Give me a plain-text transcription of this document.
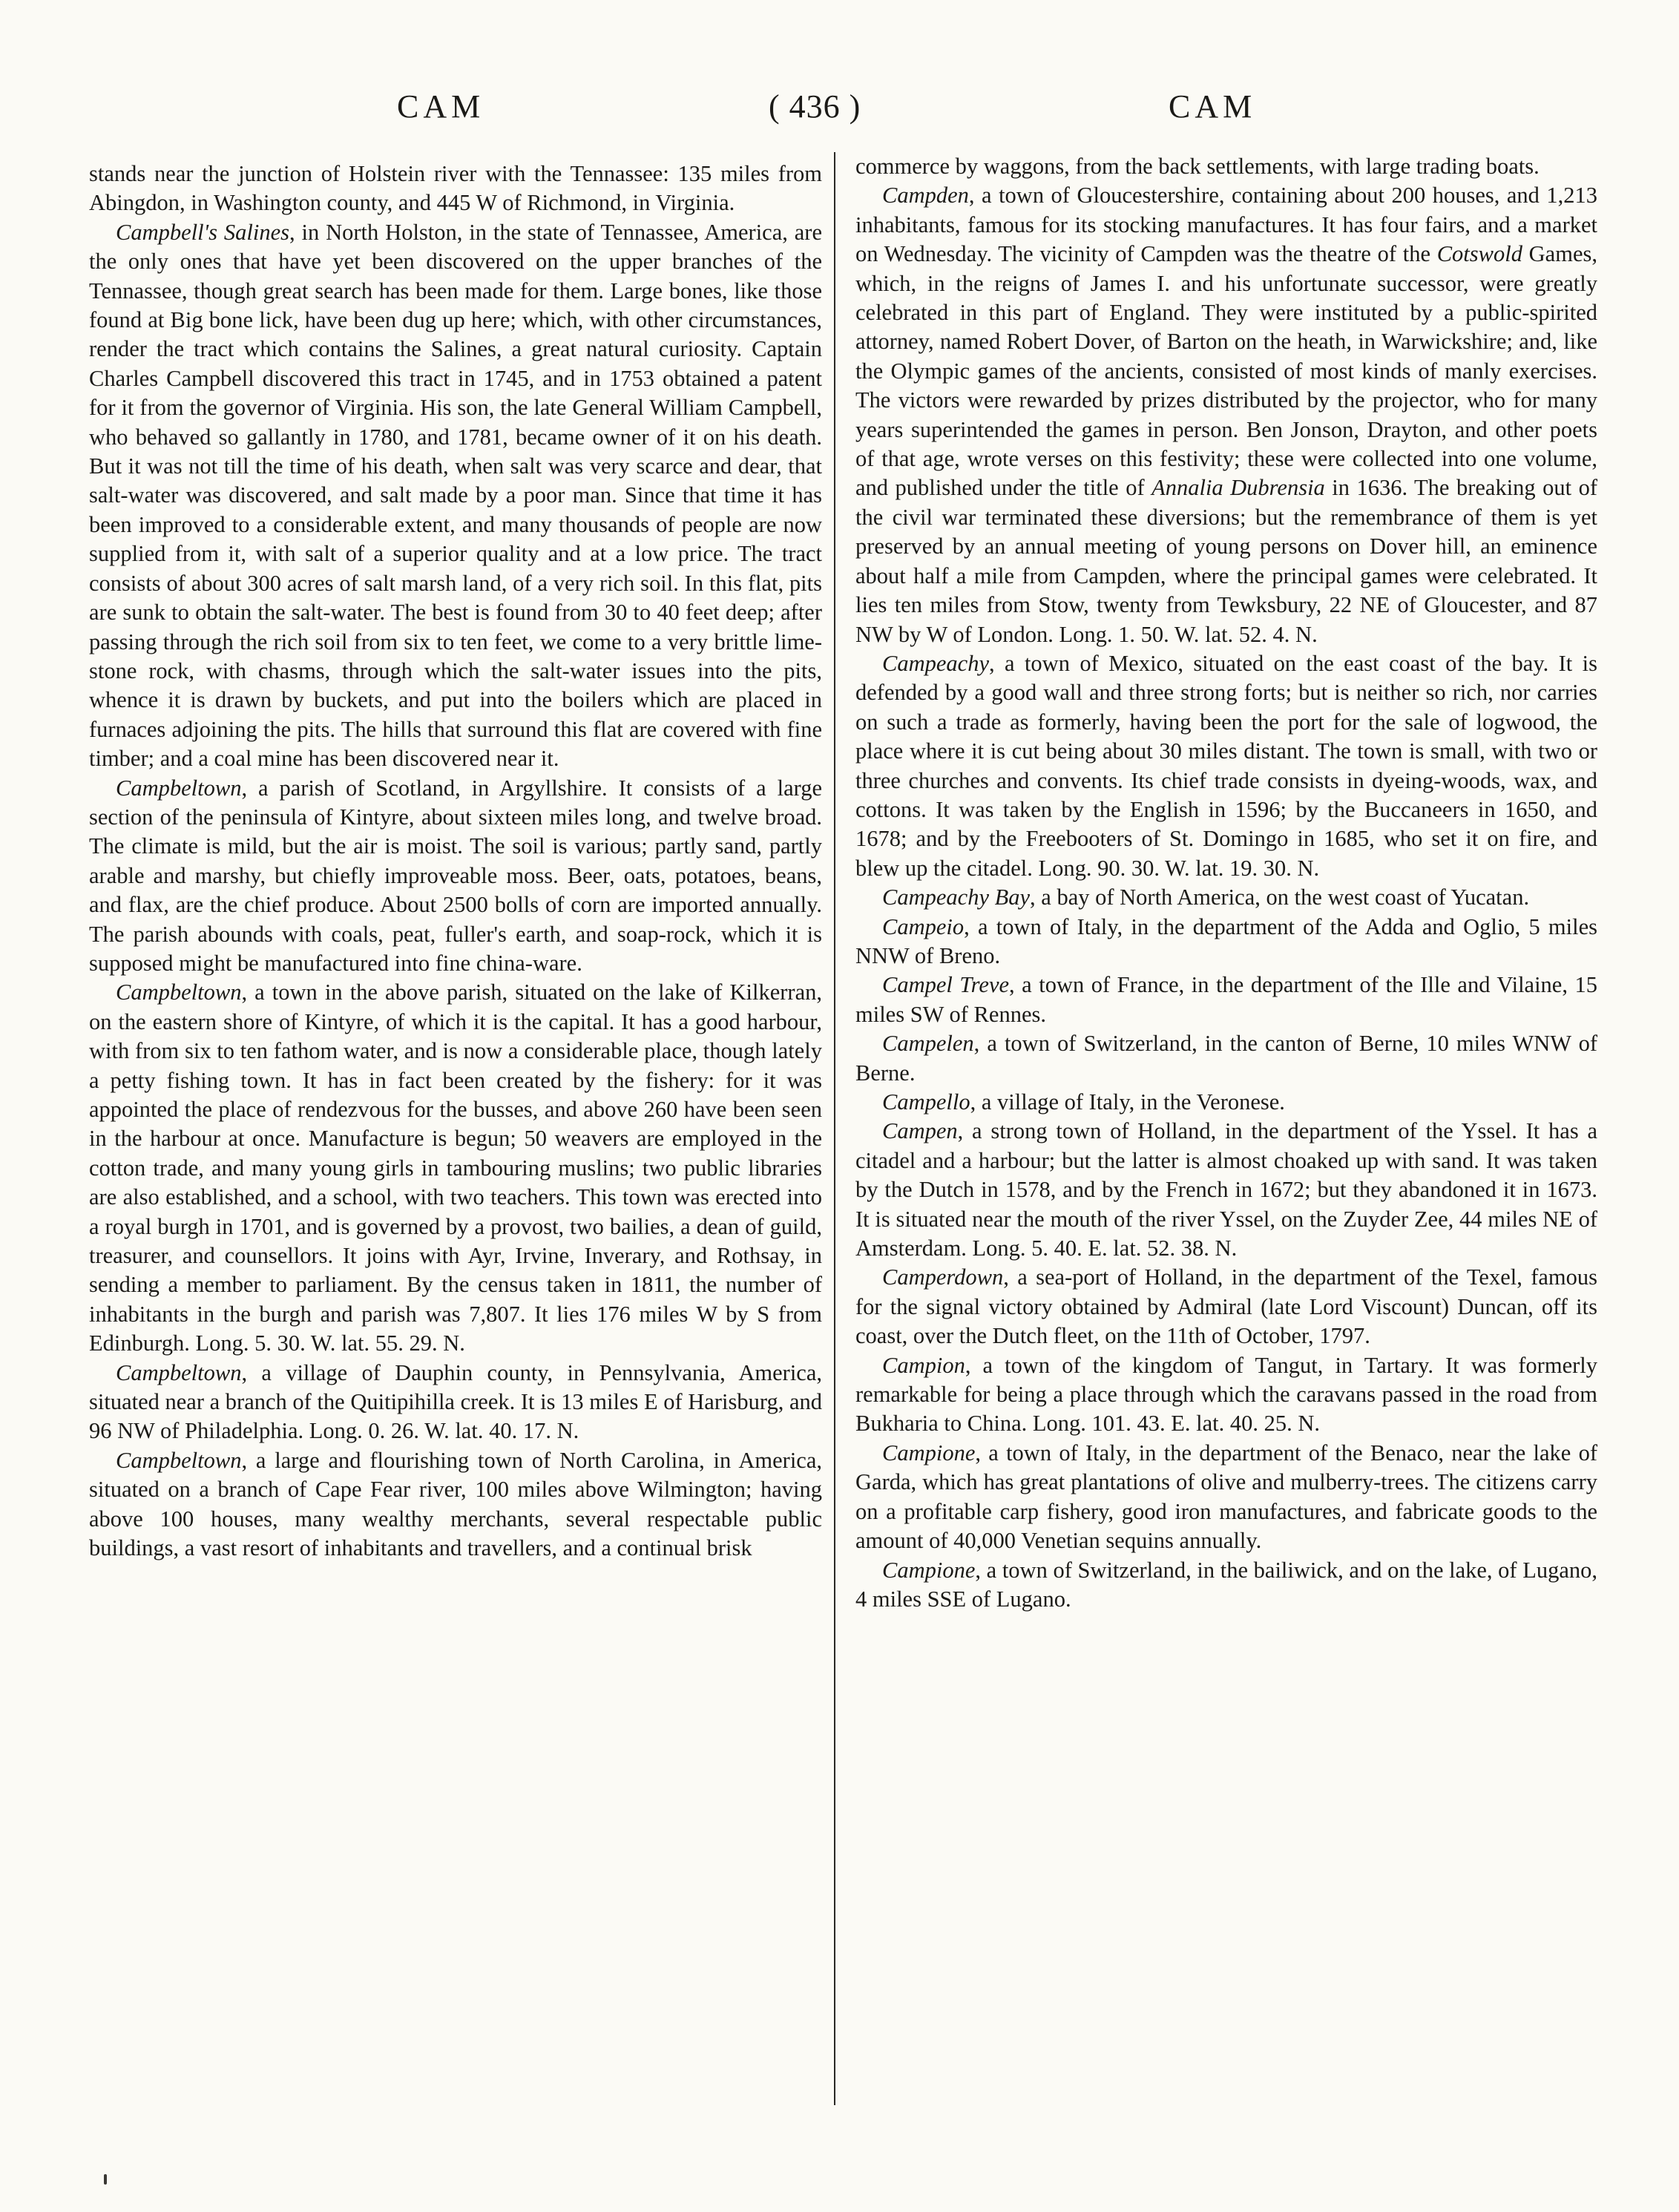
CAM	( 436 )	CAM

stands near the junction of Holstein river with the Tennassee: 135 miles from Abingdon, in Washington county, and 445 W of Richmond, in Virginia.

Campbell's Salines, in North Holston, in the state of Tennassee, America, are the only ones that have yet been discovered on the upper branches of the Tennassee, though great search has been made for them. Large bones, like those found at Big bone lick, have been dug up here; which, with other circumstances, render the tract which contains the Salines, a great natural curiosity. Captain Charles Campbell discovered this tract in 1745, and in 1753 obtained a patent for it from the governor of Virginia. His son, the late General William Campbell, who behaved so gallantly in 1780, and 1781, became owner of it on his death. But it was not till the time of his death, when salt was very scarce and dear, that salt-water was discovered, and salt made by a poor man. Since that time it has been improved to a considerable extent, and many thousands of people are now supplied from it, with salt of a superior quality and at a low price. The tract consists of about 300 acres of salt marsh land, of a very rich soil. In this flat, pits are sunk to obtain the salt-water. The best is found from 30 to 40 feet deep; after passing through the rich soil from six to ten feet, we come to a very brittle lime-stone rock, with chasms, through which the salt-water issues into the pits, whence it is drawn by buckets, and put into the boilers which are placed in furnaces adjoining the pits. The hills that surround this flat are covered with fine timber; and a coal mine has been discovered near it.

Campbeltown, a parish of Scotland, in Argyllshire. It consists of a large section of the peninsula of Kintyre, about sixteen miles long, and twelve broad. The climate is mild, but the air is moist. The soil is various; partly sand, partly arable and marshy, but chiefly improveable moss. Beer, oats, potatoes, beans, and flax, are the chief produce. About 2500 bolls of corn are imported annually. The parish abounds with coals, peat, fuller's earth, and soap-rock, which it is supposed might be manufactured into fine china-ware.

Campbeltown, a town in the above parish, situated on the lake of Kilkerran, on the eastern shore of Kintyre, of which it is the capital. It has a good harbour, with from six to ten fathom water, and is now a considerable place, though lately a petty fishing town. It has in fact been created by the fishery: for it was appointed the place of rendezvous for the busses, and above 260 have been seen in the harbour at once. Manufacture is begun; 50 weavers are employed in the cotton trade, and many young girls in tambouring muslins; two public libraries are also established, and a school, with two teachers. This town was erected into a royal burgh in 1701, and is governed by a provost, two bailies, a dean of guild, treasurer, and counsellors. It joins with Ayr, Irvine, Inverary, and Rothsay, in sending a member to parliament. By the census taken in 1811, the number of inhabitants in the burgh and parish was 7,807. It lies 176 miles W by S from Edinburgh. Long. 5. 30. W. lat. 55. 29. N.

Campbeltown, a village of Dauphin county, in Pennsylvania, America, situated near a branch of the Quitipihilla creek. It is 13 miles E of Harisburg, and 96 NW of Philadelphia. Long. 0. 26. W. lat. 40. 17. N.

Campbeltown, a large and flourishing town of North Carolina, in America, situated on a branch of Cape Fear river, 100 miles above Wilmington; having above 100 houses, many wealthy merchants, several respectable public buildings, a vast resort of inhabitants and travellers, and a continual brisk

commerce by waggons, from the back settlements, with large trading boats.

Campden, a town of Gloucestershire, containing about 200 houses, and 1,213 inhabitants, famous for its stocking manufactures. It has four fairs, and a market on Wednesday. The vicinity of Campden was the theatre of the Cotswold Games, which, in the reigns of James I. and his unfortunate successor, were greatly celebrated in this part of England. They were instituted by a public-spirited attorney, named Robert Dover, of Barton on the heath, in Warwickshire; and, like the Olympic games of the ancients, consisted of most kinds of manly exercises. The victors were rewarded by prizes distributed by the projector, who for many years superintended the games in person. Ben Jonson, Drayton, and other poets of that age, wrote verses on this festivity; these were collected into one volume, and published under the title of Annalia Dubrensia in 1636. The breaking out of the civil war terminated these diversions; but the remembrance of them is yet preserved by an annual meeting of young persons on Dover hill, an eminence about half a mile from Campden, where the principal games were celebrated. It lies ten miles from Stow, twenty from Tewksbury, 22 NE of Gloucester, and 87 NW by W of London. Long. 1. 50. W. lat. 52. 4. N.

Campeachy, a town of Mexico, situated on the east coast of the bay. It is defended by a good wall and three strong forts; but is neither so rich, nor carries on such a trade as formerly, having been the port for the sale of logwood, the place where it is cut being about 30 miles distant. The town is small, with two or three churches and convents. Its chief trade consists in dyeing-woods, wax, and cottons. It was taken by the English in 1596; by the Buccaneers in 1650, and 1678; and by the Freebooters of St. Domingo in 1685, who set it on fire, and blew up the citadel. Long. 90. 30. W. lat. 19. 30. N.

Campeachy Bay, a bay of North America, on the west coast of Yucatan.

Campeio, a town of Italy, in the department of the Adda and Oglio, 5 miles NNW of Breno.

Campel Treve, a town of France, in the department of the Ille and Vilaine, 15 miles SW of Rennes.

Campelen, a town of Switzerland, in the canton of Berne, 10 miles WNW of Berne.

Campello, a village of Italy, in the Veronese.

Campen, a strong town of Holland, in the department of the Yssel. It has a citadel and a harbour; but the latter is almost choaked up with sand. It was taken by the Dutch in 1578, and by the French in 1672; but they abandoned it in 1673. It is situated near the mouth of the river Yssel, on the Zuyder Zee, 44 miles NE of Amsterdam. Long. 5. 40. E. lat. 52. 38. N.

Camperdown, a sea-port of Holland, in the department of the Texel, famous for the signal victory obtained by Admiral (late Lord Viscount) Duncan, off its coast, over the Dutch fleet, on the 11th of October, 1797.

Campion, a town of the kingdom of Tangut, in Tartary. It was formerly remarkable for being a place through which the caravans passed in the road from Bukharia to China. Long. 101. 43. E. lat. 40. 25. N.

Campione, a town of Italy, in the department of the Benaco, near the lake of Garda, which has great plantations of olive and mulberry-trees. The citizens carry on a profitable carp fishery, good iron manufactures, and fabricate goods to the amount of 40,000 Venetian sequins annually.

Campione, a town of Switzerland, in the bailiwick, and on the lake, of Lugano, 4 miles SSE of Lugano.
